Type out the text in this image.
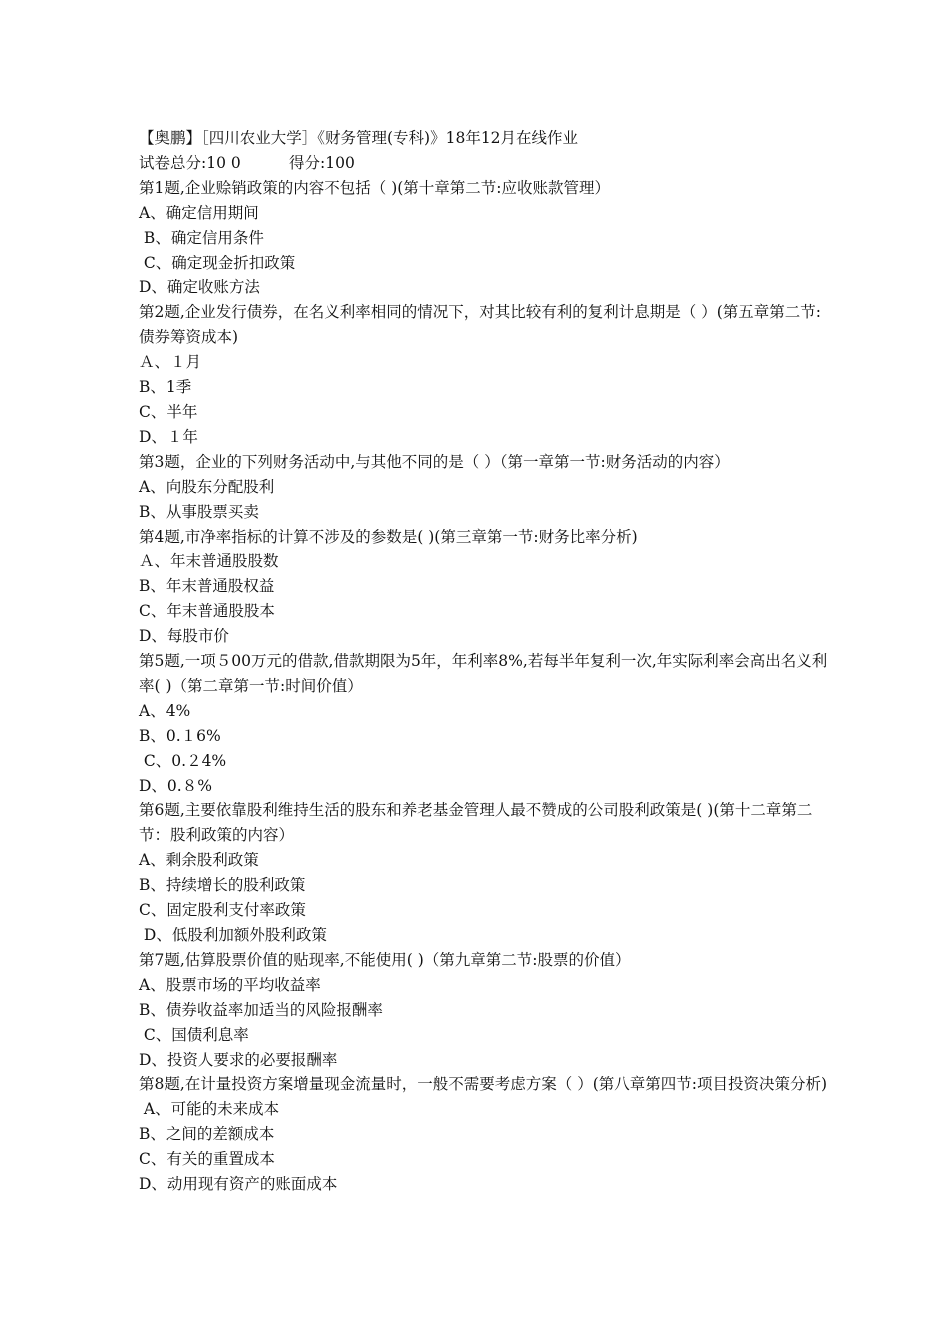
【奥鹏】［四川农业大学］《财务管理(专科)》18年12月在线作业
试卷总分:10 0	得分:100
第1题,企业赊销政策的内容不包括（ )(第十章第二节:应收账款管理）
A、确定信用期间
B、确定信用条件
C、确定现金折扣政策
D、确定收账方法
第2题,企业发行债券，在名义利率相同的情况下，对其比较有利的复利计息期是（ ）(第五章第二节:债券筹资成本)
Ａ、１月
B、1季
C、半年
D、１年
第3题，企业的下列财务活动中,与其他不同的是（ ）（第一章第一节:财务活动的内容）
A、向股东分配股利
B、从事股票买卖
第4题,市净率指标的计算不涉及的参数是( )(第三章第一节:财务比率分析)
Ａ、年末普通股股数
B、年末普通股权益
C、年末普通股股本
D、每股市价
第5题,一项５00万元的借款,借款期限为5年，年利率8%,若每半年复利一次,年实际利率会高出名义利率( )（第二章第一节:时间价值）
A、4%
B、0.１6%
C、0.２4%
D、0.８%
第6题,主要依靠股利维持生活的股东和养老基金管理人最不赞成的公司股利政策是( )(第十二章第二节：股利政策的内容）
A、剩余股利政策
B、持续增长的股利政策
C、固定股利支付率政策
D、低股利加额外股利政策
第7题,估算股票价值的贴现率,不能使用( )（第九章第二节:股票的价值）
A、股票市场的平均收益率
B、债券收益率加适当的风险报酬率
C、国债利息率
D、投资人要求的必要报酬率
第8题,在计量投资方案增量现金流量时，一般不需要考虑方案（ ）(第八章第四节:项目投资决策分析)
A、可能的未来成本
B、之间的差额成本
C、有关的重置成本
D、动用现有资产的账面成本
